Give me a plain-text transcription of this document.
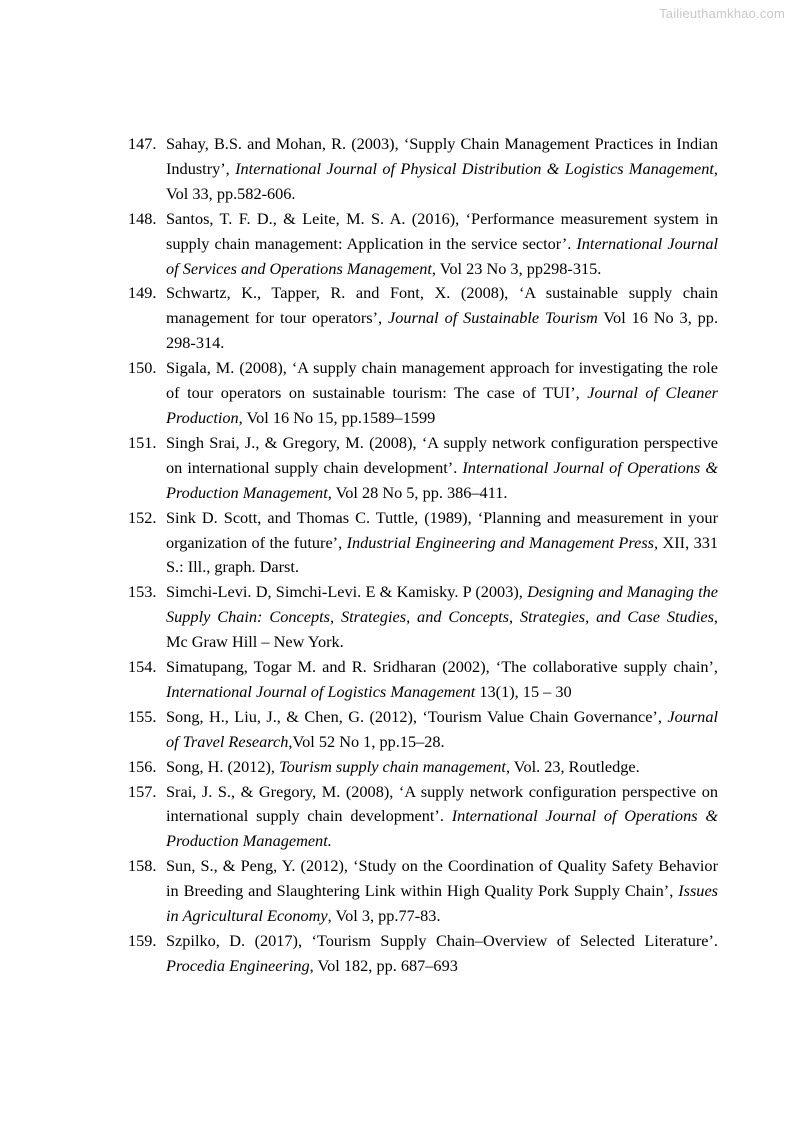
Tailieuthamkhao.com
147. Sahay, B.S. and Mohan, R. (2003), ‘Supply Chain Management Practices in Indian Industry’, International Journal of Physical Distribution & Logistics Management, Vol 33, pp.582-606.
148. Santos, T. F. D., & Leite, M. S. A. (2016), ‘Performance measurement system in supply chain management: Application in the service sector’. International Journal of Services and Operations Management, Vol 23 No 3, pp298-315.
149. Schwartz, K., Tapper, R. and Font, X. (2008), ‘A sustainable supply chain management for tour operators’, Journal of Sustainable Tourism Vol 16 No 3, pp. 298-314.
150. Sigala, M. (2008), ‘A supply chain management approach for investigating the role of tour operators on sustainable tourism: The case of TUI’, Journal of Cleaner Production, Vol 16 No 15, pp.1589–1599
151. Singh Srai, J., & Gregory, M. (2008), ‘A supply network configuration perspective on international supply chain development’. International Journal of Operations & Production Management, Vol 28 No 5, pp. 386–411.
152. Sink D. Scott, and Thomas C. Tuttle, (1989), ‘Planning and measurement in your organization of the future’, Industrial Engineering and Management Press, XII, 331 S.: Ill., graph. Darst.
153. Simchi-Levi. D, Simchi-Levi. E & Kamisky. P (2003), Designing and Managing the Supply Chain: Concepts, Strategies, and Concepts, Strategies, and Case Studies, Mc Graw Hill – New York.
154. Simatupang, Togar M. and R. Sridharan (2002), ‘The collaborative supply chain’, International Journal of Logistics Management 13(1), 15 – 30
155. Song, H., Liu, J., & Chen, G. (2012), ‘Tourism Value Chain Governance’, Journal of Travel Research,Vol 52 No 1, pp.15–28.
156. Song, H. (2012), Tourism supply chain management, Vol. 23, Routledge.
157. Srai, J. S., & Gregory, M. (2008), ‘A supply network configuration perspective on international supply chain development’. International Journal of Operations & Production Management.
158. Sun, S., & Peng, Y. (2012), ‘Study on the Coordination of Quality Safety Behavior in Breeding and Slaughtering Link within High Quality Pork Supply Chain’, Issues in Agricultural Economy, Vol 3, pp.77-83.
159. Szpilko, D. (2017), ‘Tourism Supply Chain–Overview of Selected Literature’. Procedia Engineering, Vol 182, pp. 687–693
